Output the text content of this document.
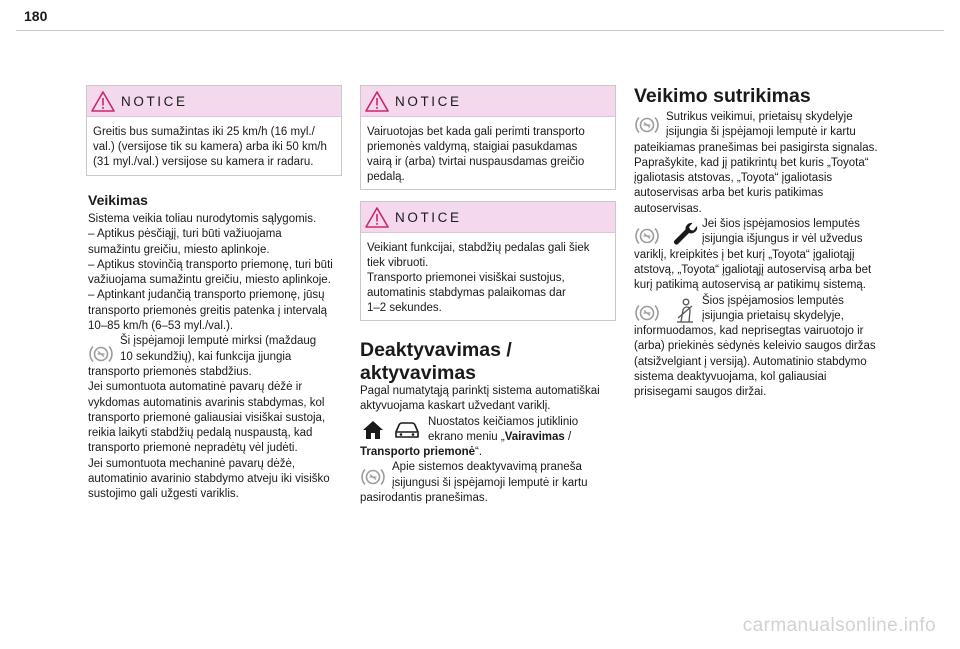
180
NOTICE
Greitis bus sumažintas iki 25 km/h (16 myl./
val.) (versijose tik su kamera) arba iki 50 km/h
(31 myl./val.) versijose su kamera ir radaru.
Veikimas
Sistema veikia toliau nurodytomis sąlygomis.
– Aptikus pėsčiąjį, turi būti važiuojama
sumažintu greičiu, miesto aplinkoje.
– Aptikus stovinčią transporto priemonę, turi būti
važiuojama sumažintu greičiu, miesto aplinkoje.
– Aptinkant judančią transporto priemonę, jūsų
transporto priemonės greitis patenka į intervalą
10–85 km/h (6–53 myl./val.).
Ši įspėjamoji lemputė mirksi (maždaug
10 sekundžių), kai funkcija įjungia
transporto priemonės stabdžius.
Jei sumontuota automatinė pavarų dėžė ir
vykdomas automatinis avarinis stabdymas, kol
transporto priemonė galiausiai visiškai sustoja,
reikia laikyti stabdžių pedalą nuspaustą, kad
transporto priemonė nepradėtų vėl judėti.
Jei sumontuota mechaninė pavarų dėžė,
automatinio avarinio stabdymo atveju iki visiško
sustojimo gali užgesti variklis.
NOTICE
Vairuotojas bet kada gali perimti transporto
priemonės valdymą, staigiai pasukdamas
vairą ir (arba) tvirtai nuspausdamas greičio
pedalą.
NOTICE
Veikiant funkcijai, stabdžių pedalas gali šiek
tiek vibruoti.
Transporto priemonei visiškai sustojus,
automatinis stabdymas palaikomas dar
1–2 sekundes.
Deaktyvavimas /
aktyvavimas
Pagal numatytąją parinktį sistema automatiškai
aktyvuojama kaskart užvedant variklį.
Nuostatos keičiamos jutiklinio
ekrano meniu „Vairavimas /
Transporto priemonė“.
Apie sistemos deaktyvavimą praneša
įsijungusi ši įspėjamoji lemputė ir kartu
pasirodantis pranešimas.
Veikimo sutrikimas
Sutrikus veikimui, prietaisų skydelyje
įsijungia ši įspėjamoji lemputė ir kartu
pateikiamas pranešimas bei pasigirsta signalas.
Paprašykite, kad jį patikrintų bet kuris „Toyota“
įgaliotasis atstovas, „Toyota“ įgaliotasis
autoservisas arba bet kuris patikimas
autoservisas.
Jei šios įspėjamosios lemputės
įsijungia išjungus ir vėl užvedus
variklį, kreipkitės į bet kurį „Toyota“ įgaliotąjį
atstovą, „Toyota“ įgaliotąjį autoservisą arba bet
kurį patikimą autoservisą ar patikimų sistemą.
Šios įspėjamosios lemputės
įsijungia prietaisų skydelyje,
informuodamos, kad neprisegtas vairuotojo ir
(arba) priekinės sėdynės keleivio saugos diržas
(atsižvelgiant į versiją). Automatinio stabdymo
sistema deaktyvuojama, kol galiausiai
prisisegami saugos diržai.
carmanualsonline.info
